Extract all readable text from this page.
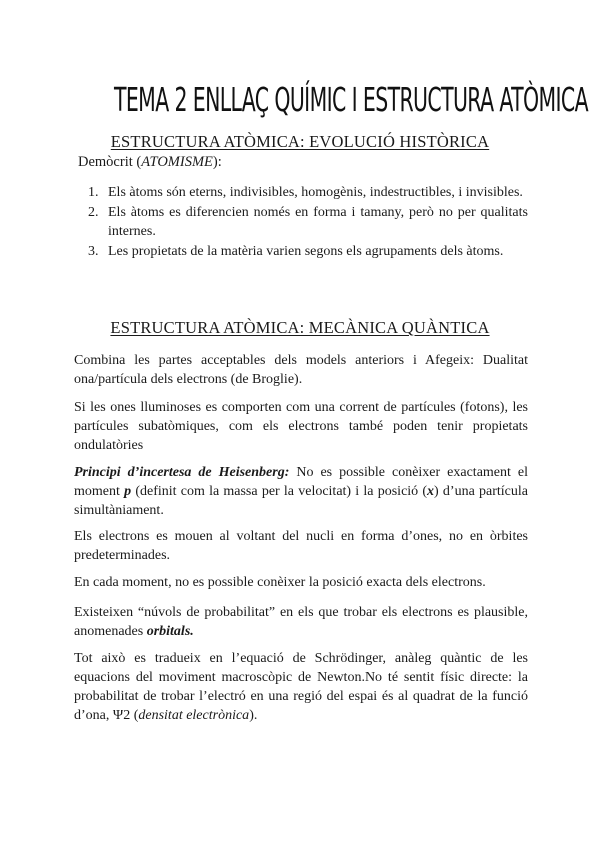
TEMA 2 ENLLAÇ QUÍMIC I ESTRUCTURA ATÒMICA
ESTRUCTURA ATÒMICA: EVOLUCIÓ HISTÒRICA
Demòcrit (ATOMISME):
1. Els àtoms són eterns, indivisibles, homogènis, indestructibles, i invisibles.
2. Els àtoms es diferencien només en forma i tamany, però no per qualitats internes.
3. Les propietats de la matèria varien segons els agrupaments dels àtoms.
ESTRUCTURA ATÒMICA: MECÀNICA QUÀNTICA

Combina les partes acceptables dels models anteriors i Afegeix: Dualitat ona/partícula dels electrons (de Broglie).

Si les ones lluminoses es comporten com una corrent de partícules (fotons), les partícules subatòmiques, com els electrons també poden tenir propietats ondulatòries

Principi d’incertesa de Heisenberg: No es possible conèixer exactament el moment p (definit com la massa per la velocitat) i la posició (x) d’una partícula simultàniament.

Els electrons es mouen al voltant del nucli en forma d’ones, no en òrbites predeterminades.

En cada moment, no es possible conèixer la posició exacta dels electrons.

Existeixen “núvols de probabilitat” en els que trobar els electrons es plausible, anomenades orbitals.

Tot això es tradueix en l’equació de Schrödinger, anàleg quàntic de les equacions del moviment macroscòpic de Newton.No té sentit físic directe: la probabilitat de trobar l’electró en una regió del espai és al quadrat de la funció d’ona, Ψ2 (densitat electrònica).
